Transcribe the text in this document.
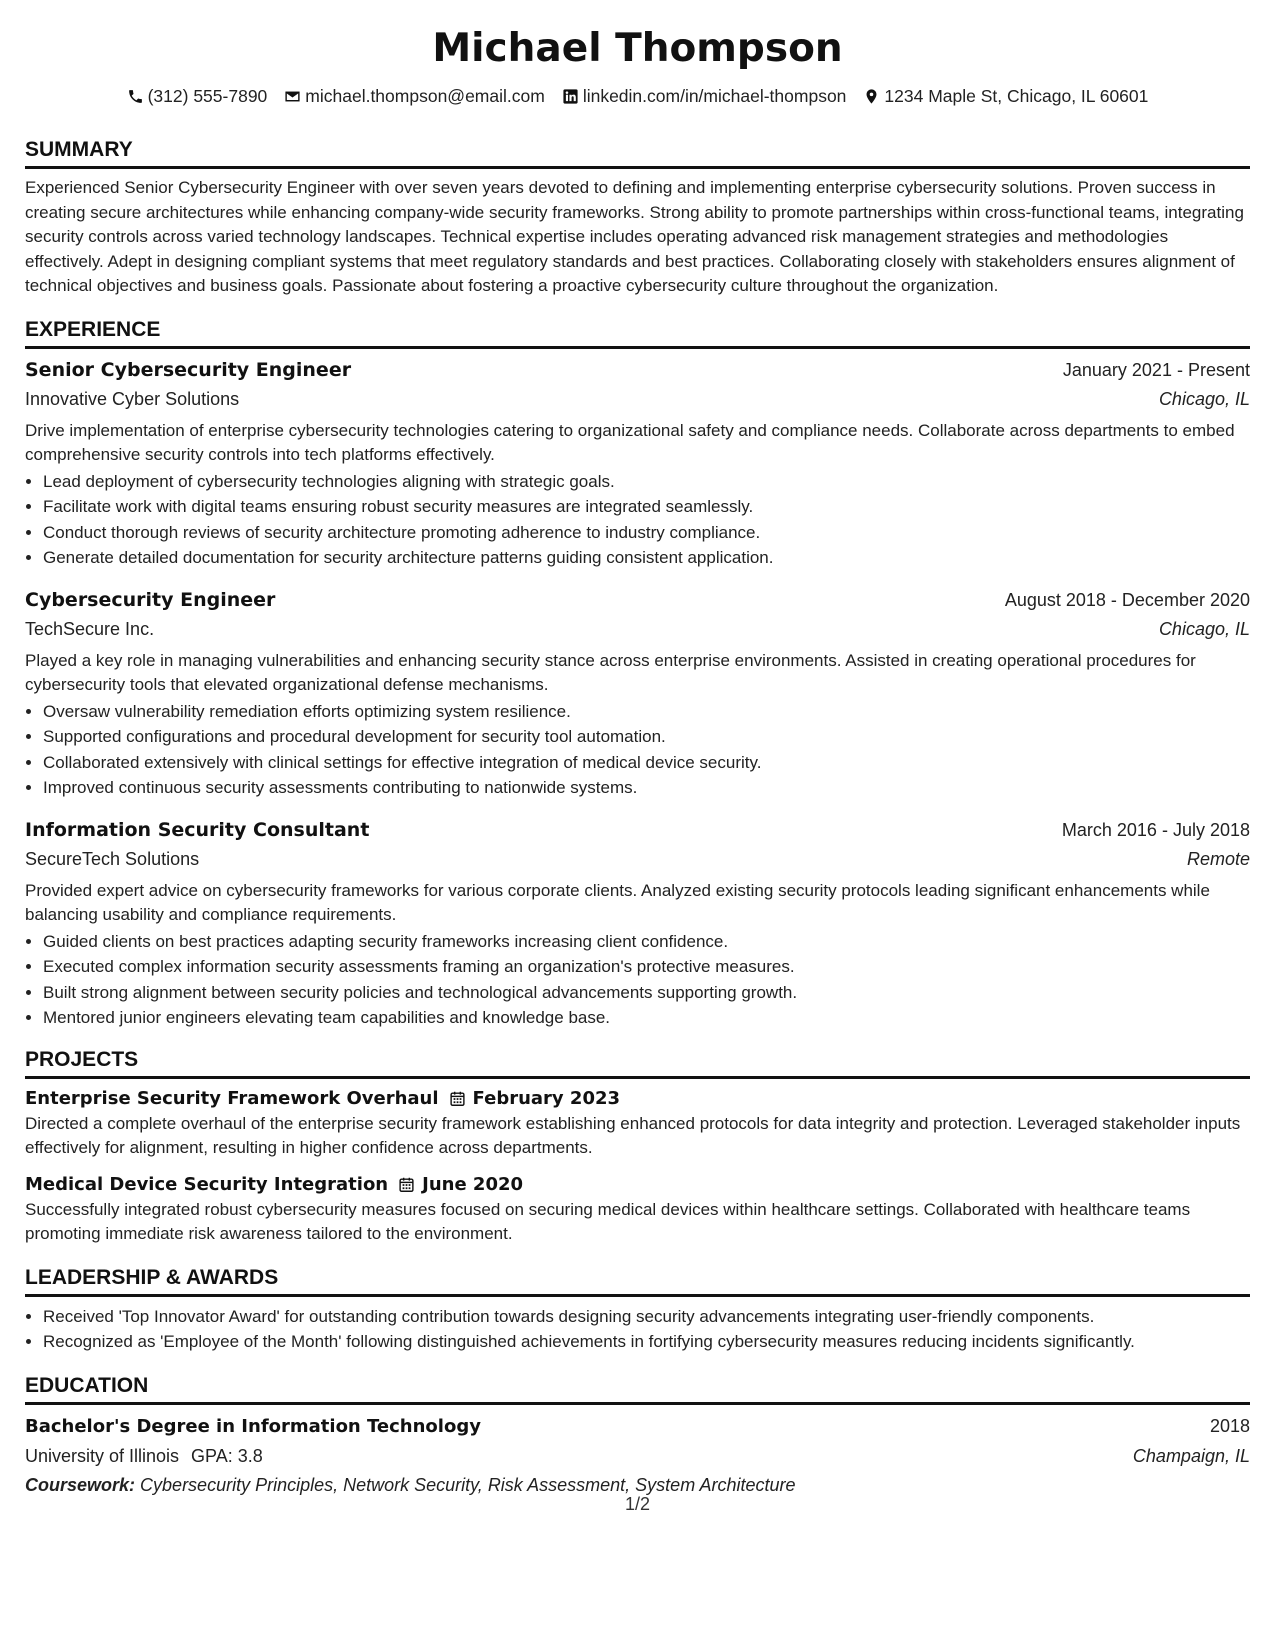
Michael Thompson
(312) 555-7890 michael.thompson@email.com linkedin.com/in/michael-thompson 1234 Maple St, Chicago, IL 60601
SUMMARY

Experienced Senior Cybersecurity Engineer with over seven years devoted to defining and implementing enterprise cybersecurity solutions. Proven success in creating secure architectures while enhancing company-wide security frameworks. Strong ability to promote partnerships within cross-functional teams, integrating security controls across varied technology landscapes. Technical expertise includes operating advanced risk management strategies and methodologies effectively. Adept in designing compliant systems that meet regulatory standards and best practices. Collaborating closely with stakeholders ensures alignment of technical objectives and business goals. Passionate about fostering a proactive cybersecurity culture throughout the organization.

EXPERIENCE
Senior Cybersecurity Engineer	January 2021 - Present
Innovative Cyber Solutions	Chicago, IL

Drive implementation of enterprise cybersecurity technologies catering to organizational safety and compliance needs. Collaborate across departments to embed comprehensive security controls into tech platforms effectively.

• Lead deployment of cybersecurity technologies aligning with strategic goals.
• Facilitate work with digital teams ensuring robust security measures are integrated seamlessly.
• Conduct thorough reviews of security architecture promoting adherence to industry compliance.
• Generate detailed documentation for security architecture patterns guiding consistent application.
Cybersecurity Engineer	August 2018 - December 2020
TechSecure Inc.	Chicago, IL

Played a key role in managing vulnerabilities and enhancing security stance across enterprise environments. Assisted in creating operational procedures for cybersecurity tools that elevated organizational defense mechanisms.

• Oversaw vulnerability remediation efforts optimizing system resilience.
• Supported configurations and procedural development for security tool automation.
• Collaborated extensively with clinical settings for effective integration of medical device security.
• Improved continuous security assessments contributing to nationwide systems.
Information Security Consultant	March 2016 - July 2018
SecureTech Solutions	Remote

Provided expert advice on cybersecurity frameworks for various corporate clients. Analyzed existing security protocols leading significant enhancements while balancing usability and compliance requirements.

• Guided clients on best practices adapting security frameworks increasing client confidence.
• Executed complex information security assessments framing an organization's protective measures.
• Built strong alignment between security policies and technological advancements supporting growth.
• Mentored junior engineers elevating team capabilities and knowledge base.
PROJECTS
Enterprise Security Framework Overhaul February 2023

Directed a complete overhaul of the enterprise security framework establishing enhanced protocols for data integrity and protection. Leveraged stakeholder inputs effectively for alignment, resulting in higher confidence across departments.

Medical Device Security Integration June 2020

Successfully integrated robust cybersecurity measures focused on securing medical devices within healthcare settings. Collaborated with healthcare teams promoting immediate risk awareness tailored to the environment.

LEADERSHIP & AWARDS
• Received 'Top Innovator Award' for outstanding contribution towards designing security advancements integrating user-friendly components.
• Recognized as 'Employee of the Month' following distinguished achievements in fortifying cybersecurity measures reducing incidents significantly.
EDUCATION
Bachelor's Degree in Information Technology	2018
University of Illinois GPA: 3.8	Champaign, IL
Coursework: Cybersecurity Principles, Network Security, Risk Assessment, System Architecture
1/2
